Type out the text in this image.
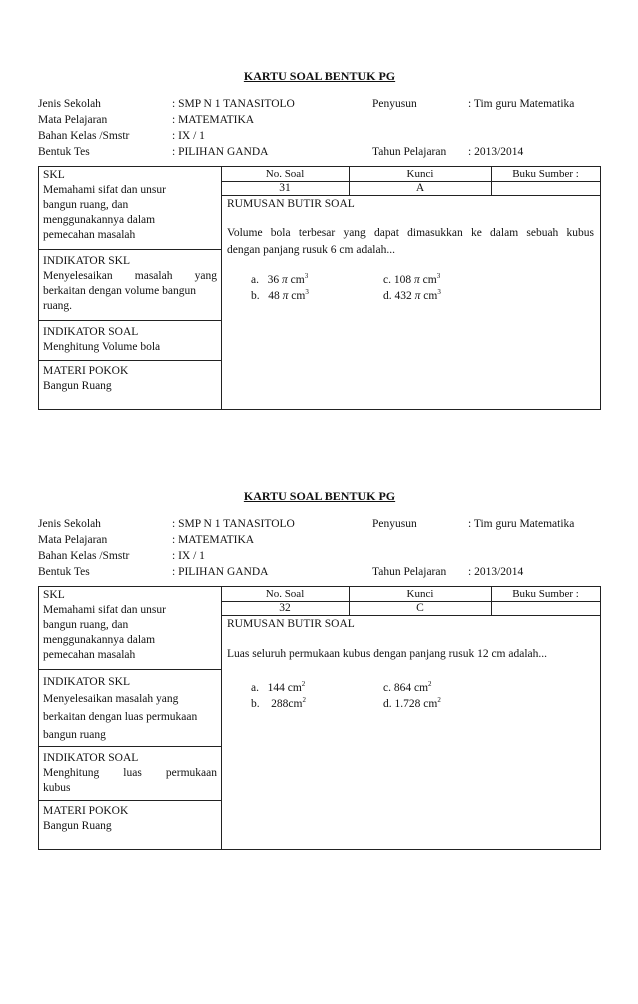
KARTU SOAL BENTUK PG
Jenis Sekolah	: SMP N 1 TANASITOLO	Penyusun	: Tim guru Matematika
Mata Pelajaran	: MATEMATIKA
Bahan Kelas /Smstr	: IX / 1
Bentuk Tes	: PILIHAN GANDA	Tahun Pelajaran : 2013/2014
SKL
Memahami sifat dan unsur
bangun ruang, dan
menggunakannya dalam
pemecahan masalah
INDIKATOR SKL
Menyelesaikan masalah yang
berkaitan dengan volume bangun
ruang.
INDIKATOR SOAL
Menghitung Volume bola
MATERI POKOK
Bangun Ruang
No. Soal	Kunci	Buku Sumber :
31	A
RUMUSAN BUTIR SOAL
Volume bola terbesar yang dapat dimasukkan ke dalam sebuah kubus
dengan panjang rusuk 6 cm adalah...
a. 36 π $cm^3$	c. 108 π $cm^3$
b. 48 π $cm^3$	d. 432 π $cm^3$
KARTU SOAL BENTUK PG
Jenis Sekolah	: SMP N 1 TANASITOLO	Penyusun	: Tim guru Matematika
Mata Pelajaran	: MATEMATIKA
Bahan Kelas /Smstr	: IX / 1
Bentuk Tes	: PILIHAN GANDA	Tahun Pelajaran : 2013/2014
SKL
Memahami sifat dan unsur
bangun ruang, dan
menggunakannya dalam
pemecahan masalah
INDIKATOR SKL
Menyelesaikan masalah yang
berkaitan dengan luas permukaan
bangun ruang
INDIKATOR SOAL
Menghitung luas permukaan
kubus
MATERI POKOK
Bangun Ruang
No. Soal	Kunci	Buku Sumber :
32	C
RUMUSAN BUTIR SOAL
Luas seluruh permukaan kubus dengan panjang rusuk 12 cm adalah...
a. 144 $cm^2$	c. 864 $cm^2$
b. $288cm^2$	d. 1.728 $cm^2$
